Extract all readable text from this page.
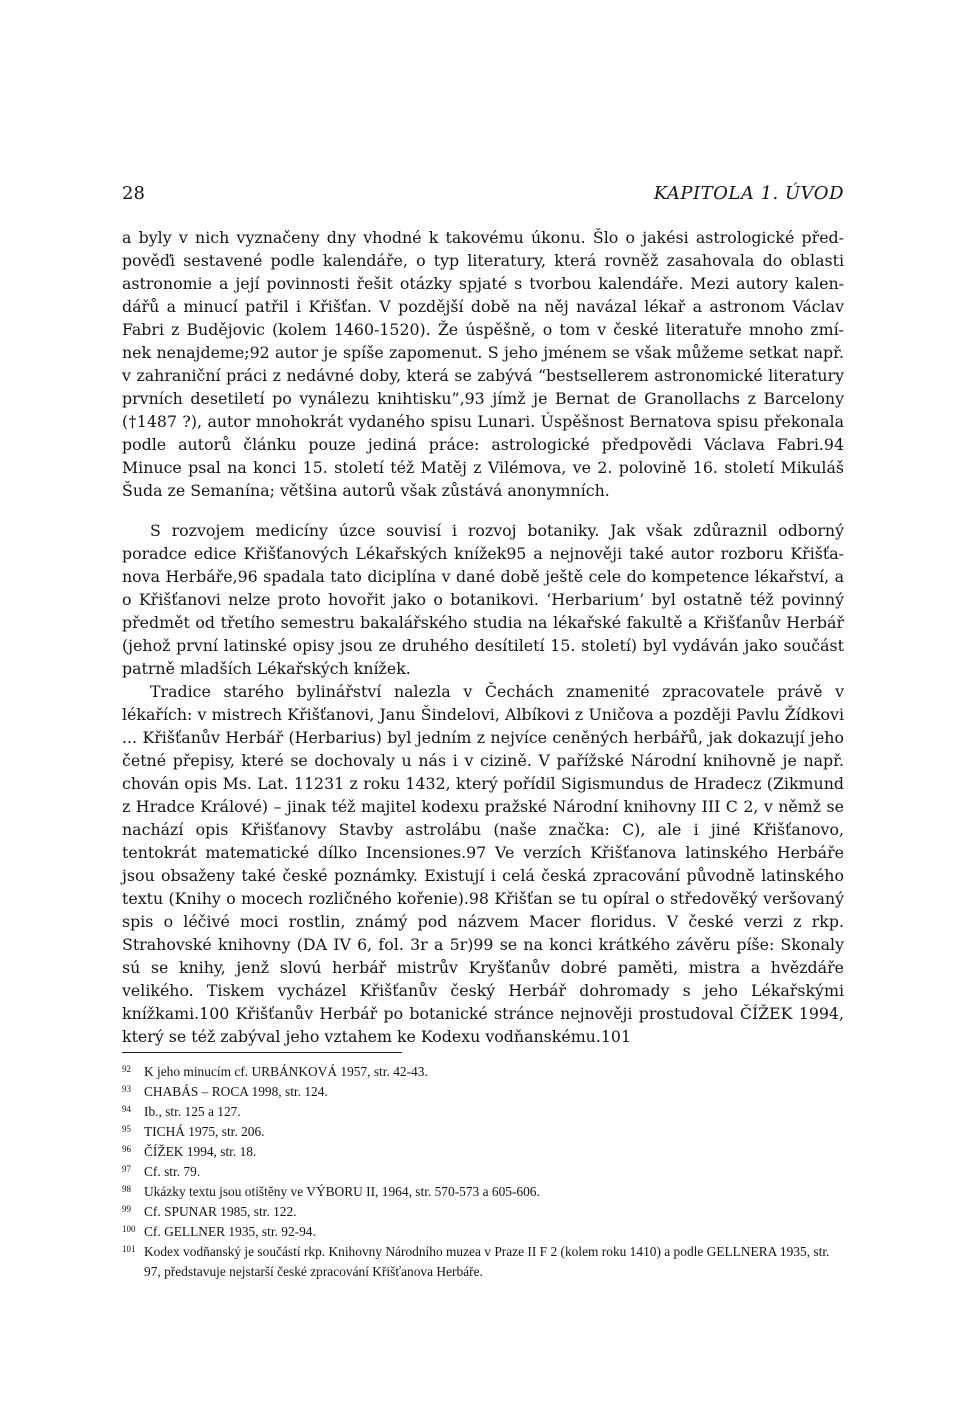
28	KAPITOLA 1. ÚVOD

a byly v nich vyznačeny dny vhodné k takovému úkonu. Šlo o jakési astrologické před-pověďi sestavené podle kalendáře, o typ literatury, která rovněž zasahovala do oblasti astronomie a její povinnosti řešit otázky spjaté s tvorbou kalendáře. Mezi autory kalen-dářů a minucí patřil i Křišťan. V pozdější době na něj navázal lékař a astronom Václav Fabri z Budějovic (kolem 1460-1520). Že úspěšně, o tom v české literatuře mnoho zmí-nek nenajdeme;92 autor je spíše zapomenut. S jeho jménem se však můžeme setkat např. v zahraniční práci z nedávné doby, která se zabývá “bestsellerem astronomické literatury prvních desetiletí po vynálezu knihtisku”,93 jímž je Bernat de Granollachs z Barcelony (†1487 ?), autor mnohokrát vydaného spisu Lunari. Úspěšnost Bernatova spisu překonala podle autorů článku pouze jediná práce: astrologické předpovědi Václava Fabri.94 Minuce psal na konci 15. století též Matěj z Vilémova, ve 2. polovině 16. století Mikuláš Šuda ze Semanína; většina autorů však zůstává anonymních.

S rozvojem medicíny úzce souvisí i rozvoj botaniky. Jak však zdůraznil odborný poradce edice Křišťanových Lékařských knížek95 a nejnověji také autor rozboru Křišťa-nova Herbáře,96 spadala tato diciplína v dané době ještě cele do kompetence lékařství, a o Křišťanovi nelze proto hovořit jako o botanikovi. ‘Herbarium’ byl ostatně též povinný předmět od třetího semestru bakalářského studia na lékařské fakultě a Křišťanův Herbář (jehož první latinské opisy jsou ze druhého desítiletí 15. století) byl vydáván jako součást patrně mladších Lékařských knížek.

Tradice starého bylinářství nalezla v Čechách znamenité zpracovatele právě v lékařích: v mistrech Křišťanovi, Janu Šindelovi, Albíkovi z Uničova a později Pavlu Žídkovi ... Křišťanův Herbář (Herbarius) byl jedním z nejvíce ceněných herbářů, jak dokazují jeho četné přepisy, které se dochovaly u nás i v cizině. V pařížské Národní knihovně je např. chován opis Ms. Lat. 11231 z roku 1432, který pořídil Sigismundus de Hradecz (Zikmund z Hradce Králové) – jinak též majitel kodexu pražské Národní knihovny III C 2, v němž se nachází opis Křišťanovy Stavby astrolábu (naše značka: C), ale i jiné Křišťanovo, tentokrát matematické dílko Incensiones.97 Ve verzích Křišťanova latinského Herbáře jsou obsaženy také české poznámky. Existují i celá česká zpracování původně latinského textu (Knihy o mocech rozličného kořenie).98 Křišťan se tu opíral o středověký veršovaný spis o léčivé moci rostlin, známý pod názvem Macer floridus. V české verzi z rkp. Strahovské knihovny (DA IV 6, fol. 3r a 5r)99 se na konci krátkého závěru píše: Skonaly sú se knihy, jenž slovú herbář mistrův Kryšťanův dobré paměti, mistra a hvězdáře velikého. Tiskem vycházel Křišťanův český Herbář dohromady s jeho Lékařskými knížkami.100 Křišťanův Herbář po botanické stránce nejnověji prostudoval ČÍŽEK 1994, který se též zabýval jeho vztahem ke Kodexu vodňanskému.101

92 K jeho minucím cf. URBÁNKOVÁ 1957, str. 42-43.
93 CHABÁS – ROCA 1998, str. 124.
94 Ib., str. 125 a 127.
95 TICHÁ 1975, str. 206.
96 ČÍŽEK 1994, str. 18.
97 Cf. str. 79.
98 Ukázky textu jsou otištěny ve VÝBORU II, 1964, str. 570-573 a 605-606.
99 Cf. SPUNAR 1985, str. 122.
100 Cf. GELLNER 1935, str. 92-94.
101 Kodex vodňanský je součástí rkp. Knihovny Národního muzea v Praze II F 2 (kolem roku 1410) a podle GELLNERA 1935, str. 97, představuje nejstarší české zpracování Křišťanova Herbáře.
